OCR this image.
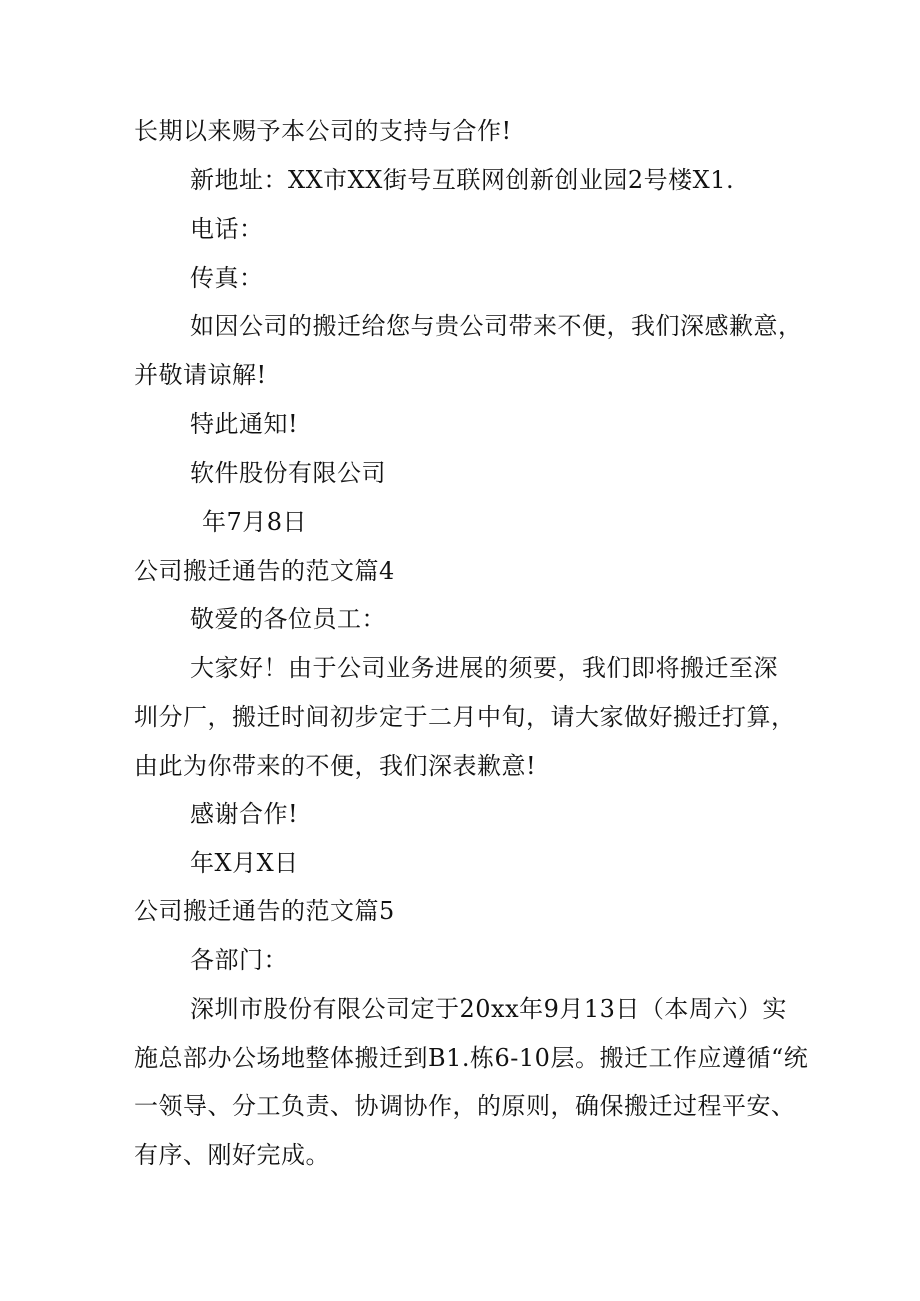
长期以来赐予本公司的支持与合作!
新地址：XX市XX街号互联网创新创业园2号楼X1.
电话：
传真：
如因公司的搬迁给您与贵公司带来不便，我们深感歉意，
并敬请谅解!
特此通知!
软件股份有限公司
年7月8日
公司搬迁通告的范文篇4
敬爱的各位员工：
大家好！由于公司业务进展的须要，我们即将搬迁至深
圳分厂，搬迁时间初步定于二月中旬，请大家做好搬迁打算，
由此为你带来的不便，我们深表歉意!
感谢合作!
年X月X日
公司搬迁通告的范文篇5
各部门：
深圳市股份有限公司定于20xx年9月13日（本周六）实
施总部办公场地整体搬迁到B1.栋6-10层。搬迁工作应遵循“统
一领导、分工负责、协调协作，的原则，确保搬迁过程平安、
有序、刚好完成。
